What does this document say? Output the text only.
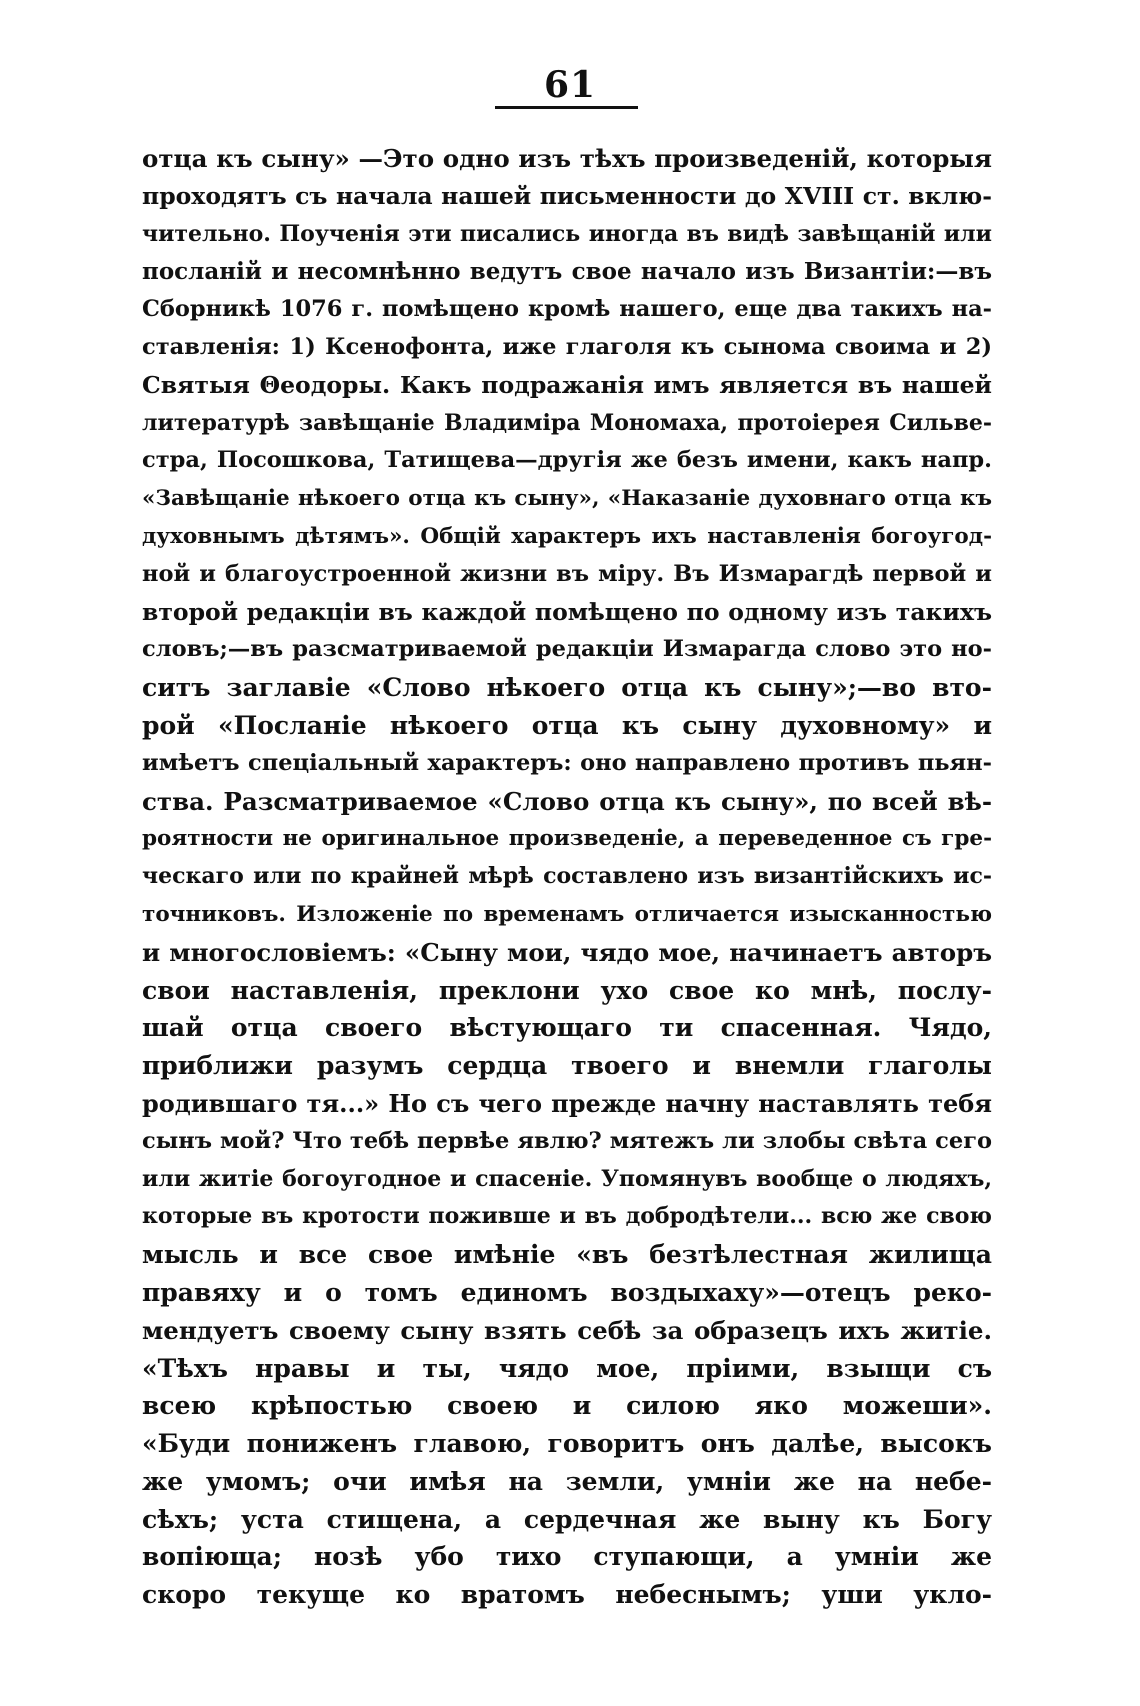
61
отца къ сыну» —Это одно изъ тѣхъ произведеній, которыя
проходятъ съ начала нашей письменности до XVIII ст. вклю-
чительно. Поученія эти писались иногда въ видѣ завѣщаній или
посланій и несомнѣнно ведутъ свое начало изъ Византіи:—въ
Сборникѣ 1076 г. помѣщено кромѣ нашего, еще два такихъ на-
ставленія: 1) Ксенофонта, иже глаголя къ сынома своима и 2)
Святыя Θеодоры. Какъ подражанія имъ является въ нашей
литературѣ завѣщаніе Владиміра Мономаха, протоіерея Сильве-
стра, Посошкова, Татищева—другія же безъ имени, какъ напр.
«Завѣщаніе нѣкоего отца къ сыну», «Наказаніе духовнаго отца къ
духовнымъ дѣтямъ». Общій характеръ ихъ наставленія богоугод-
ной и благоустроенной жизни въ міру. Въ Измарагдѣ первой и
второй редакціи въ каждой помѣщено по одному изъ такихъ
словъ;—въ разсматриваемой редакціи Измарагда слово это но-
ситъ заглавіе «Слово нѣкоего отца къ сыну»;—во вто-
рой «Посланіе нѣкоего отца къ сыну духовному» и
имѣетъ спеціальный характеръ: оно направлено противъ пьян-
ства. Разсматриваемое «Слово отца къ сыну», по всей вѣ-
роятности не оригинальное произведеніе, а переведенное съ гре-
ческаго или по крайней мѣрѣ составлено изъ византійскихъ ис-
точниковъ. Изложеніе по временамъ отличается изысканностью
и многословіемъ: «Сыну мои, чядо мое, начинаетъ авторъ
свои наставленія, преклони ухо свое ко мнѣ, послу-
шай отца своего вѣстующаго ти спасенная. Чядо,
приближи разумъ сердца твоего и внемли глаголы
родившаго тя...» Но съ чего прежде начну наставлять тебя
сынъ мой? Что тебѣ первѣе явлю? мятежъ ли злобы свѣта сего
или житіе богоугодное и спасеніе. Упомянувъ вообще о людяхъ,
которые въ кротости пожившe и въ добродѣтели... всю же свою
мысль и все свое имѣніе «въ безтѣлестная жилища
правяху и о томъ единомъ воздыхаху»—отецъ реко-
мендуетъ своему сыну взять себѣ за образецъ ихъ житіе.
«Тѣхъ нравы и ты, чядо мое, пріими, взыщи съ
всею крѣпостью своею и силою яко можеши».
«Буди пониженъ главою, говоритъ онъ далѣе, высокъ
же умомъ; очи имѣя на земли, умніи же на небе-
сѣхъ; уста стищена, а сердечная же выну къ Богу
вопіюща; нозѣ убо тихо ступающи, а умніи же
скоро текуще ко вратомъ небеснымъ; уши укло-
